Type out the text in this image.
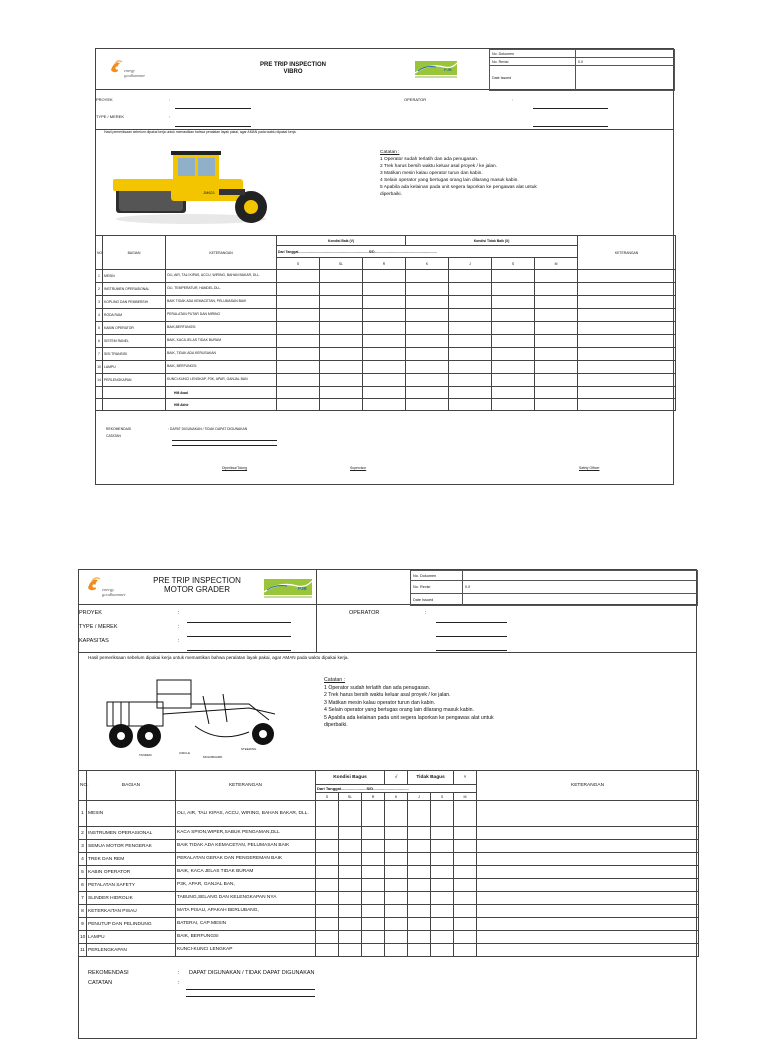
energy
goodhammer
PRE TRIP INSPECTION
VIBRO	PJB
No. Dokumen	
No. Revisi	0.0
Date Issued	
PROYEK	:
TYPE / MEREK	:
OPERATOR	:
Hasil pemeriksaan sebelum dipakai kerja untuk memastikan bahwa peralatan layak pakai, agar AMAN pada waktu dipakai kerja.
JM621
Catatan :
1 Operator sudah terlatih dan ada penugasan.
2 Trek harus bersih waktu keluar asal proyek / ke jalan.
3 Matikan mesin kalau operator turun dan kabin.
4 Selain operator yang bertugas orang lain dilarang masuk kabin.
5 Apabila ada kelainan pada unit segera laporkan ke pengawas alat untuk
diperbaiki.
NO	BAGIAN	KETERANGAN	Kondisi Baik (V)			Kondisi Tidak Baik (X)				KETERANGAN
			Dari Tanggal...........................................................................S/D..................................................................							
			S	SL	R	K	J	S	M	
1	MESIN	OLI, AIR, TALI KIPAS, ACCU, WIRING, BAHAN BAKAR, DLL.								
2	INSTRUMEN OPERASIONAL	OLI, TEMPERATUR, HANDEL,DLL.								
3	KOPLING DAN PEMBERSIH	BAIK TIDAK ADA KEMACETAN, PELUMASAN BAIK								
4	RODA RAM	PERALATAN PUTAR DAN MIRING								
5	KABIN OPERATOR	BAIK,BERFUNGSI								
6	SISTEM RANEL	BAIK, KACA JELAS TIDAK BURAM								
7	SISI TRANSISI	BAIK, TIDAK ADA KERUSAKAN								
10	LAMPU	BAIK, BERFUNGSI								
14	PERLENGKAPAN	KUNCI-KUNCI LENGKAP, P3K, APAR, GANJAL BAN								
		HM Awal								
		HM Akhir								
REKOMENDASI	: DAPAT DIGUNAKAN / TIDAK DAPAT DIGUNAKAN
CATATAN
Diperiksa/Tolong	Supervisor	Safety Officer
energy
goodhammer
PRE TRIP INSPECTION
MOTOR GRADER	PJB
No. Dokumen	
No. Revisi	0.0
Date Issued	
PROYEK	:
TYPE / MEREK	:
KAPASITAS	:
OPERATOR	:
Hasil pemeriksaan sebelum dipakai kerja untuk memastikan bahwa peralatan layak pakai, agar AMAN pada waktu dipakai kerja.
TANDEM	CIRCLE
MOLDBOARD
STEERING
Catatan :
1 Operator sudah terlatih dan ada penugasan.
2 Trek harus bersih waktu keluar asal proyek / ke jalan.
3 Matikan mesin kalau operator turun dan kabin.
4 Selain operator yang bertugas orang lain dilarang masuk kabin.
5 Apabila ada kelainan pada unit segera laporkan ke pengawas alat untuk
diperbaiki.
NO.	BAGIAN	KETERANGAN	Kondisi Bagus			√	Tidak Bagus		×	KETERANGAN
			Dari Tanggal.......................S/D................................							
			S	SL	R	K	J	S	M	
1	MESIN	OLI, AIR, TALI KIPAS, ACCU, WIRING, BAHAN BAKAR, DLL.								
2	INSTRUMEN OPERASIONAL	KACA SPION,WIPER,SABUK PENGAMAN,DLL								
3	SEMUA MOTOR PENGERAK	BAIK TIDAK ADA KEMACETAN, PELUMASAN BAIK								
4	TREK DAN REM	PERALATAN GERAK DAN PENGEREMAN BAIK								
5	KABIN OPERATOR	BAIK, KACA JELAS TIDAK BURAM								
6	PETALATAN SAFETY	P3K, APAR, GANJAL BAN,								
7	SLINDER HIDROLIK	TABUNG,SELANG DAN KELENGKAPAN NYA								
8	KETERKAITAN PISAU	MATA PISAU, APAKAH BERLUBANG,								
9	PENUTUP DAN PELINDUNG	BATERAI, CAP MESIN								
10	LAMPU	BAIK, BERFUNGSI								
11	PERLENGKAPAN	KUNCI-KUNCI LENGKAP								
REKOMENDASI	: DAPAT DIGUNAKAN / TIDAK DAPAT DIGUNAKAN
CATATAN	:
